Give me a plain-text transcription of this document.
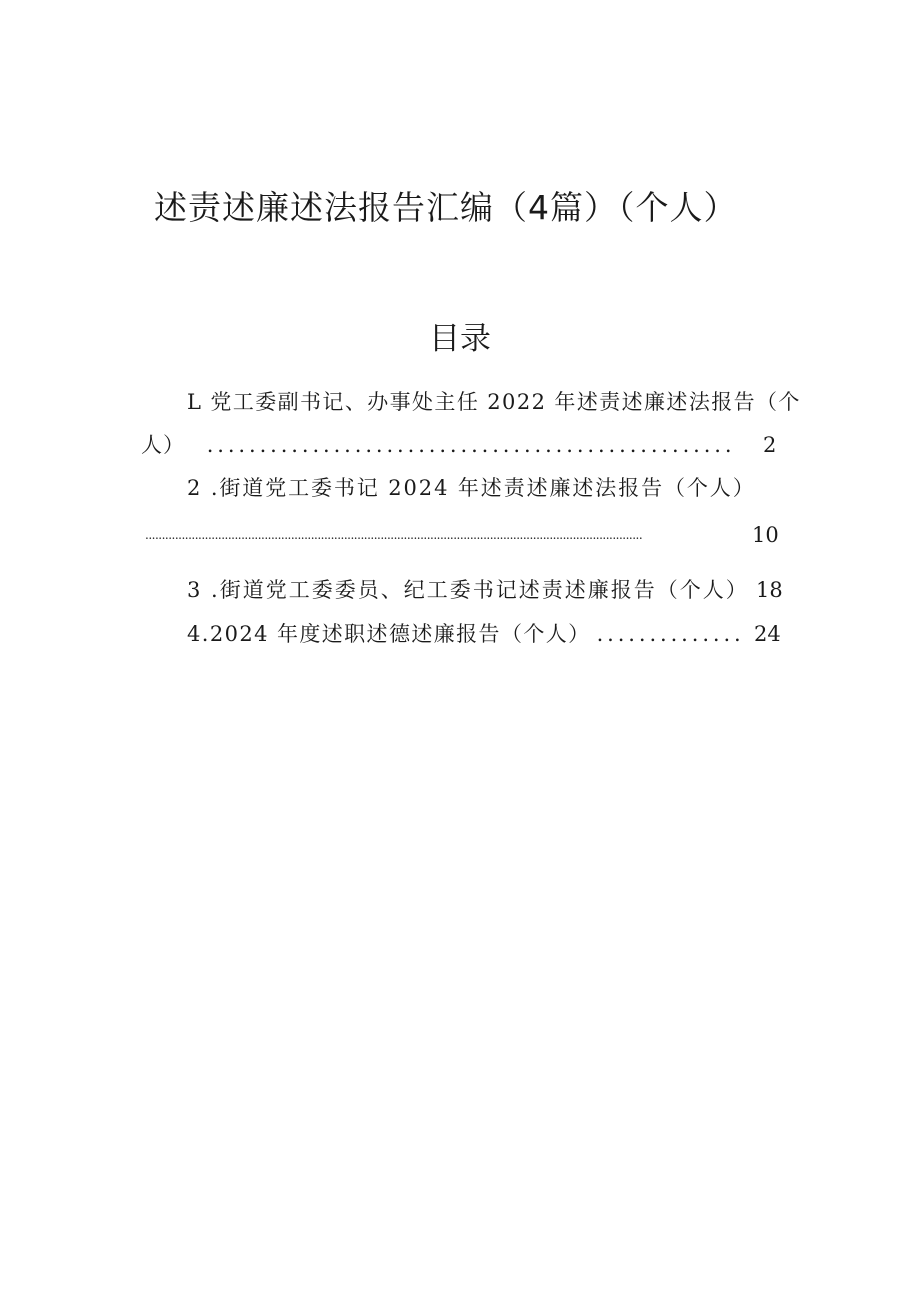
述责述廉述法报告汇编（4篇）（个人）
目录
L 党工委副书记、办事处主任 2022 年述责述廉述法报告（个
人） .................................................. 2
2 .街道党工委书记 2024 年述责述廉述法报告（个人）
......................................................................................................................................................	10
3 .街道党工委委员、纪工委书记述责述廉报告（个人） 18
4.2024 年度述职述德述廉报告（个人） .............. 24
